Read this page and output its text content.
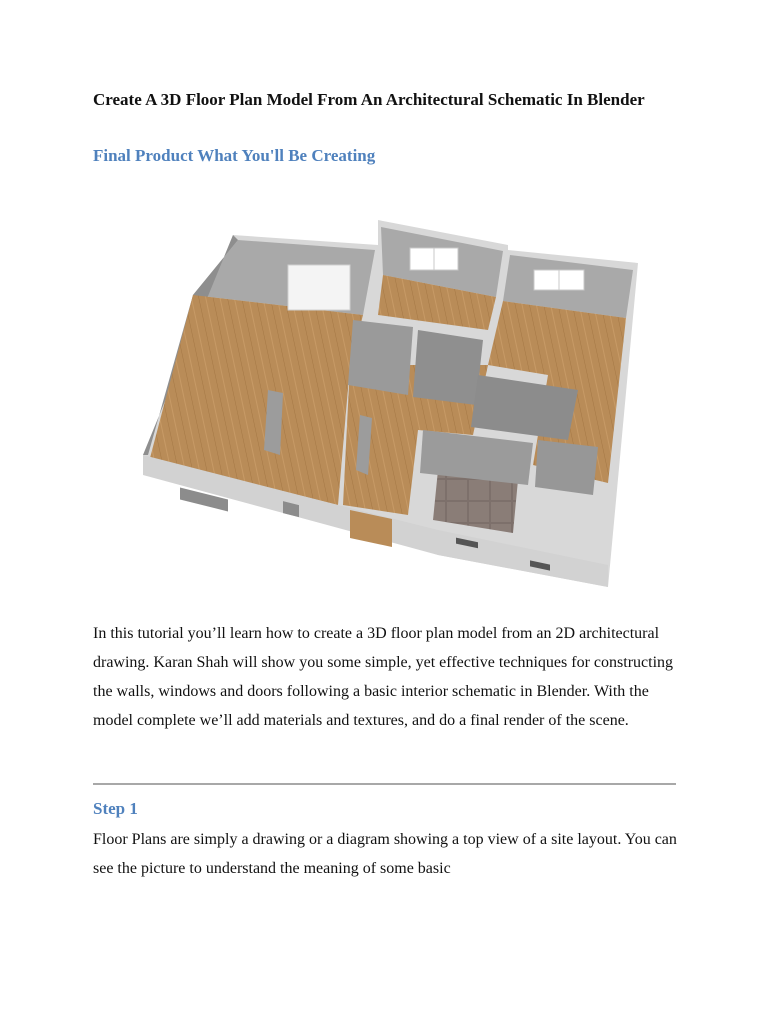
Create A 3D Floor Plan Model From An Architectural Schematic In Blender
Final Product What You'll Be Creating

In this tutorial you’ll learn how to create a 3D floor plan model from an 2D architectural drawing. Karan Shah will show you some simple, yet effective techniques for constructing the walls, windows and doors following a basic interior schematic in Blender. With the model complete we’ll add materials and textures, and do a final render of the scene.

Step 1

Floor Plans are simply a drawing or a diagram showing a top view of a site layout. You can see the picture to understand the meaning of some basic
